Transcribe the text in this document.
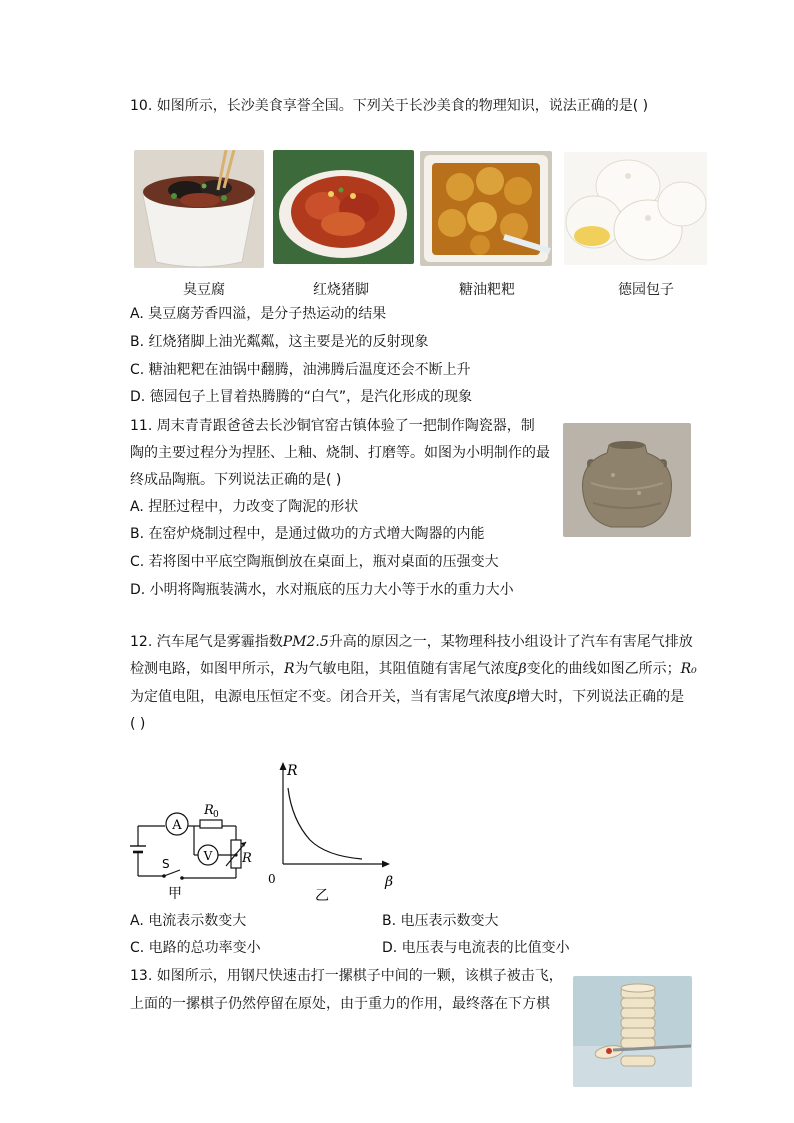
10. 如图所示，长沙美食享誉全国。下列关于长沙美食的物理知识，说法正确的是( )
臭豆腐	红烧猪脚	糖油粑粑	德园包子
A. 臭豆腐芳香四溢，是分子热运动的结果
B. 红烧猪脚上油光粼粼，这主要是光的反射现象
C. 糖油粑粑在油锅中翻腾，油沸腾后温度还会不断上升
D. 德园包子上冒着热腾腾的“白气”，是汽化形成的现象
11. 周末青青跟爸爸去长沙铜官窑古镇体验了一把制作陶瓷器，制
陶的主要过程分为捏胚、上釉、烧制、打磨等。如图为小明制作的最
终成品陶瓶。下列说法正确的是( )
A. 捏胚过程中，力改变了陶泥的形状
B. 在窑炉烧制过程中，是通过做功的方式增大陶器的内能
C. 若将图中平底空陶瓶倒放在桌面上，瓶对桌面的压强变大
D. 小明将陶瓶装满水，水对瓶底的压力大小等于水的重力大小
12. 汽车尾气是雾霾指数PM2.5升高的原因之一，某物理科技小组设计了汽车有害尾气排放
检测电路，如图甲所示，R为气敏电阻，其阻值随有害尾气浓度β变化的曲线如图乙所示；R₀
为定值电阻，电源电压恒定不变。闭合开关，当有害尾气浓度β增大时，下列说法正确的是
( )
A
V
R 0
R
S
甲
R
β
0
乙
A. 电流表示数变大	B. 电压表示数变大
C. 电路的总功率变小	D. 电压表与电流表的比值变小
13. 如图所示，用钢尺快速击打一摞棋子中间的一颗，该棋子被击飞，
上面的一摞棋子仍然停留在原处，由于重力的作用，最终落在下方棋
